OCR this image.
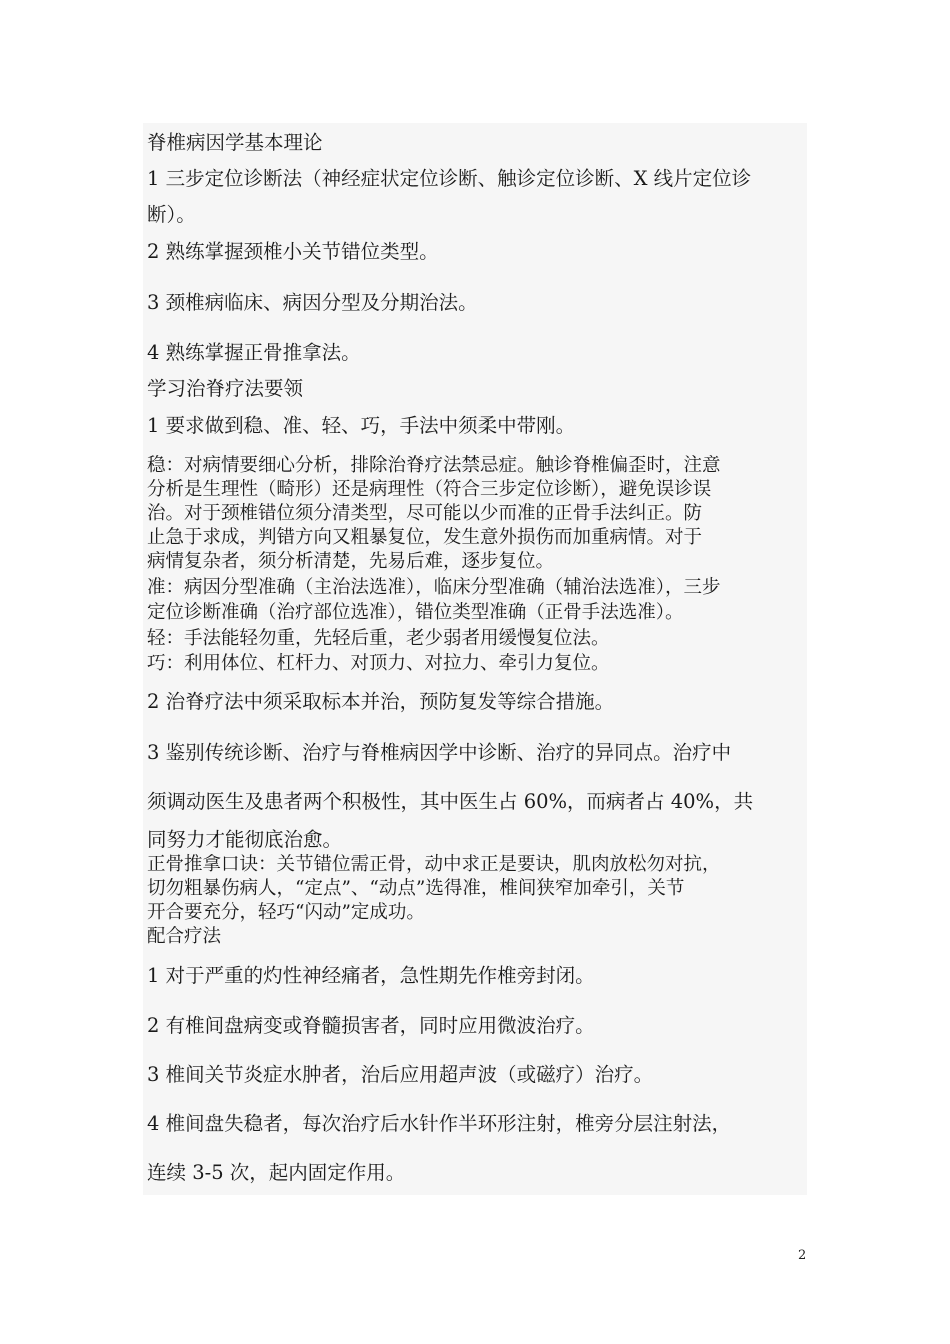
脊椎病因学基本理论

1 三步定位诊断法（神经症状定位诊断、触诊定位诊断、X 线片定位诊

断）。

2 熟练掌握颈椎小关节错位类型。

3 颈椎病临床、病因分型及分期治法。

4 熟练掌握正骨推拿法。

学习治脊疗法要领

1 要求做到稳、准、轻、巧，手法中须柔中带刚。

稳：对病情要细心分析，排除治脊疗法禁忌症。触诊脊椎偏歪时，注意

分析是生理性（畸形）还是病理性（符合三步定位诊断），避免误诊误

治。对于颈椎错位须分清类型，尽可能以少而准的正骨手法纠正。防

止急于求成，判错方向又粗暴复位，发生意外损伤而加重病情。对于

病情复杂者，须分析清楚，先易后难，逐步复位。

准：病因分型准确（主治法选准），临床分型准确（辅治法选准），三步

定位诊断准确（治疗部位选准），错位类型准确（正骨手法选准）。

轻：手法能轻勿重，先轻后重，老少弱者用缓慢复位法。

巧：利用体位、杠杆力、对顶力、对拉力、牵引力复位。

2 治脊疗法中须采取标本并治，预防复发等综合措施。

3 鉴别传统诊断、治疗与脊椎病因学中诊断、治疗的异同点。治疗中

须调动医生及患者两个积极性，其中医生占 60%，而病者占 40%，共

同努力才能彻底治愈。

正骨推拿口诀：关节错位需正骨，动中求正是要诀，肌肉放松勿对抗，

切勿粗暴伤病人，“定点”、“动点”选得准，椎间狭窄加牵引，关节

开合要充分，轻巧“闪动”定成功。

配合疗法

1 对于严重的灼性神经痛者，急性期先作椎旁封闭。

2 有椎间盘病变或脊髓损害者，同时应用微波治疗。

3 椎间关节炎症水肿者，治后应用超声波（或磁疗）治疗。

4 椎间盘失稳者，每次治疗后水针作半环形注射，椎旁分层注射法，

连续 3-5 次，起内固定作用。

2
